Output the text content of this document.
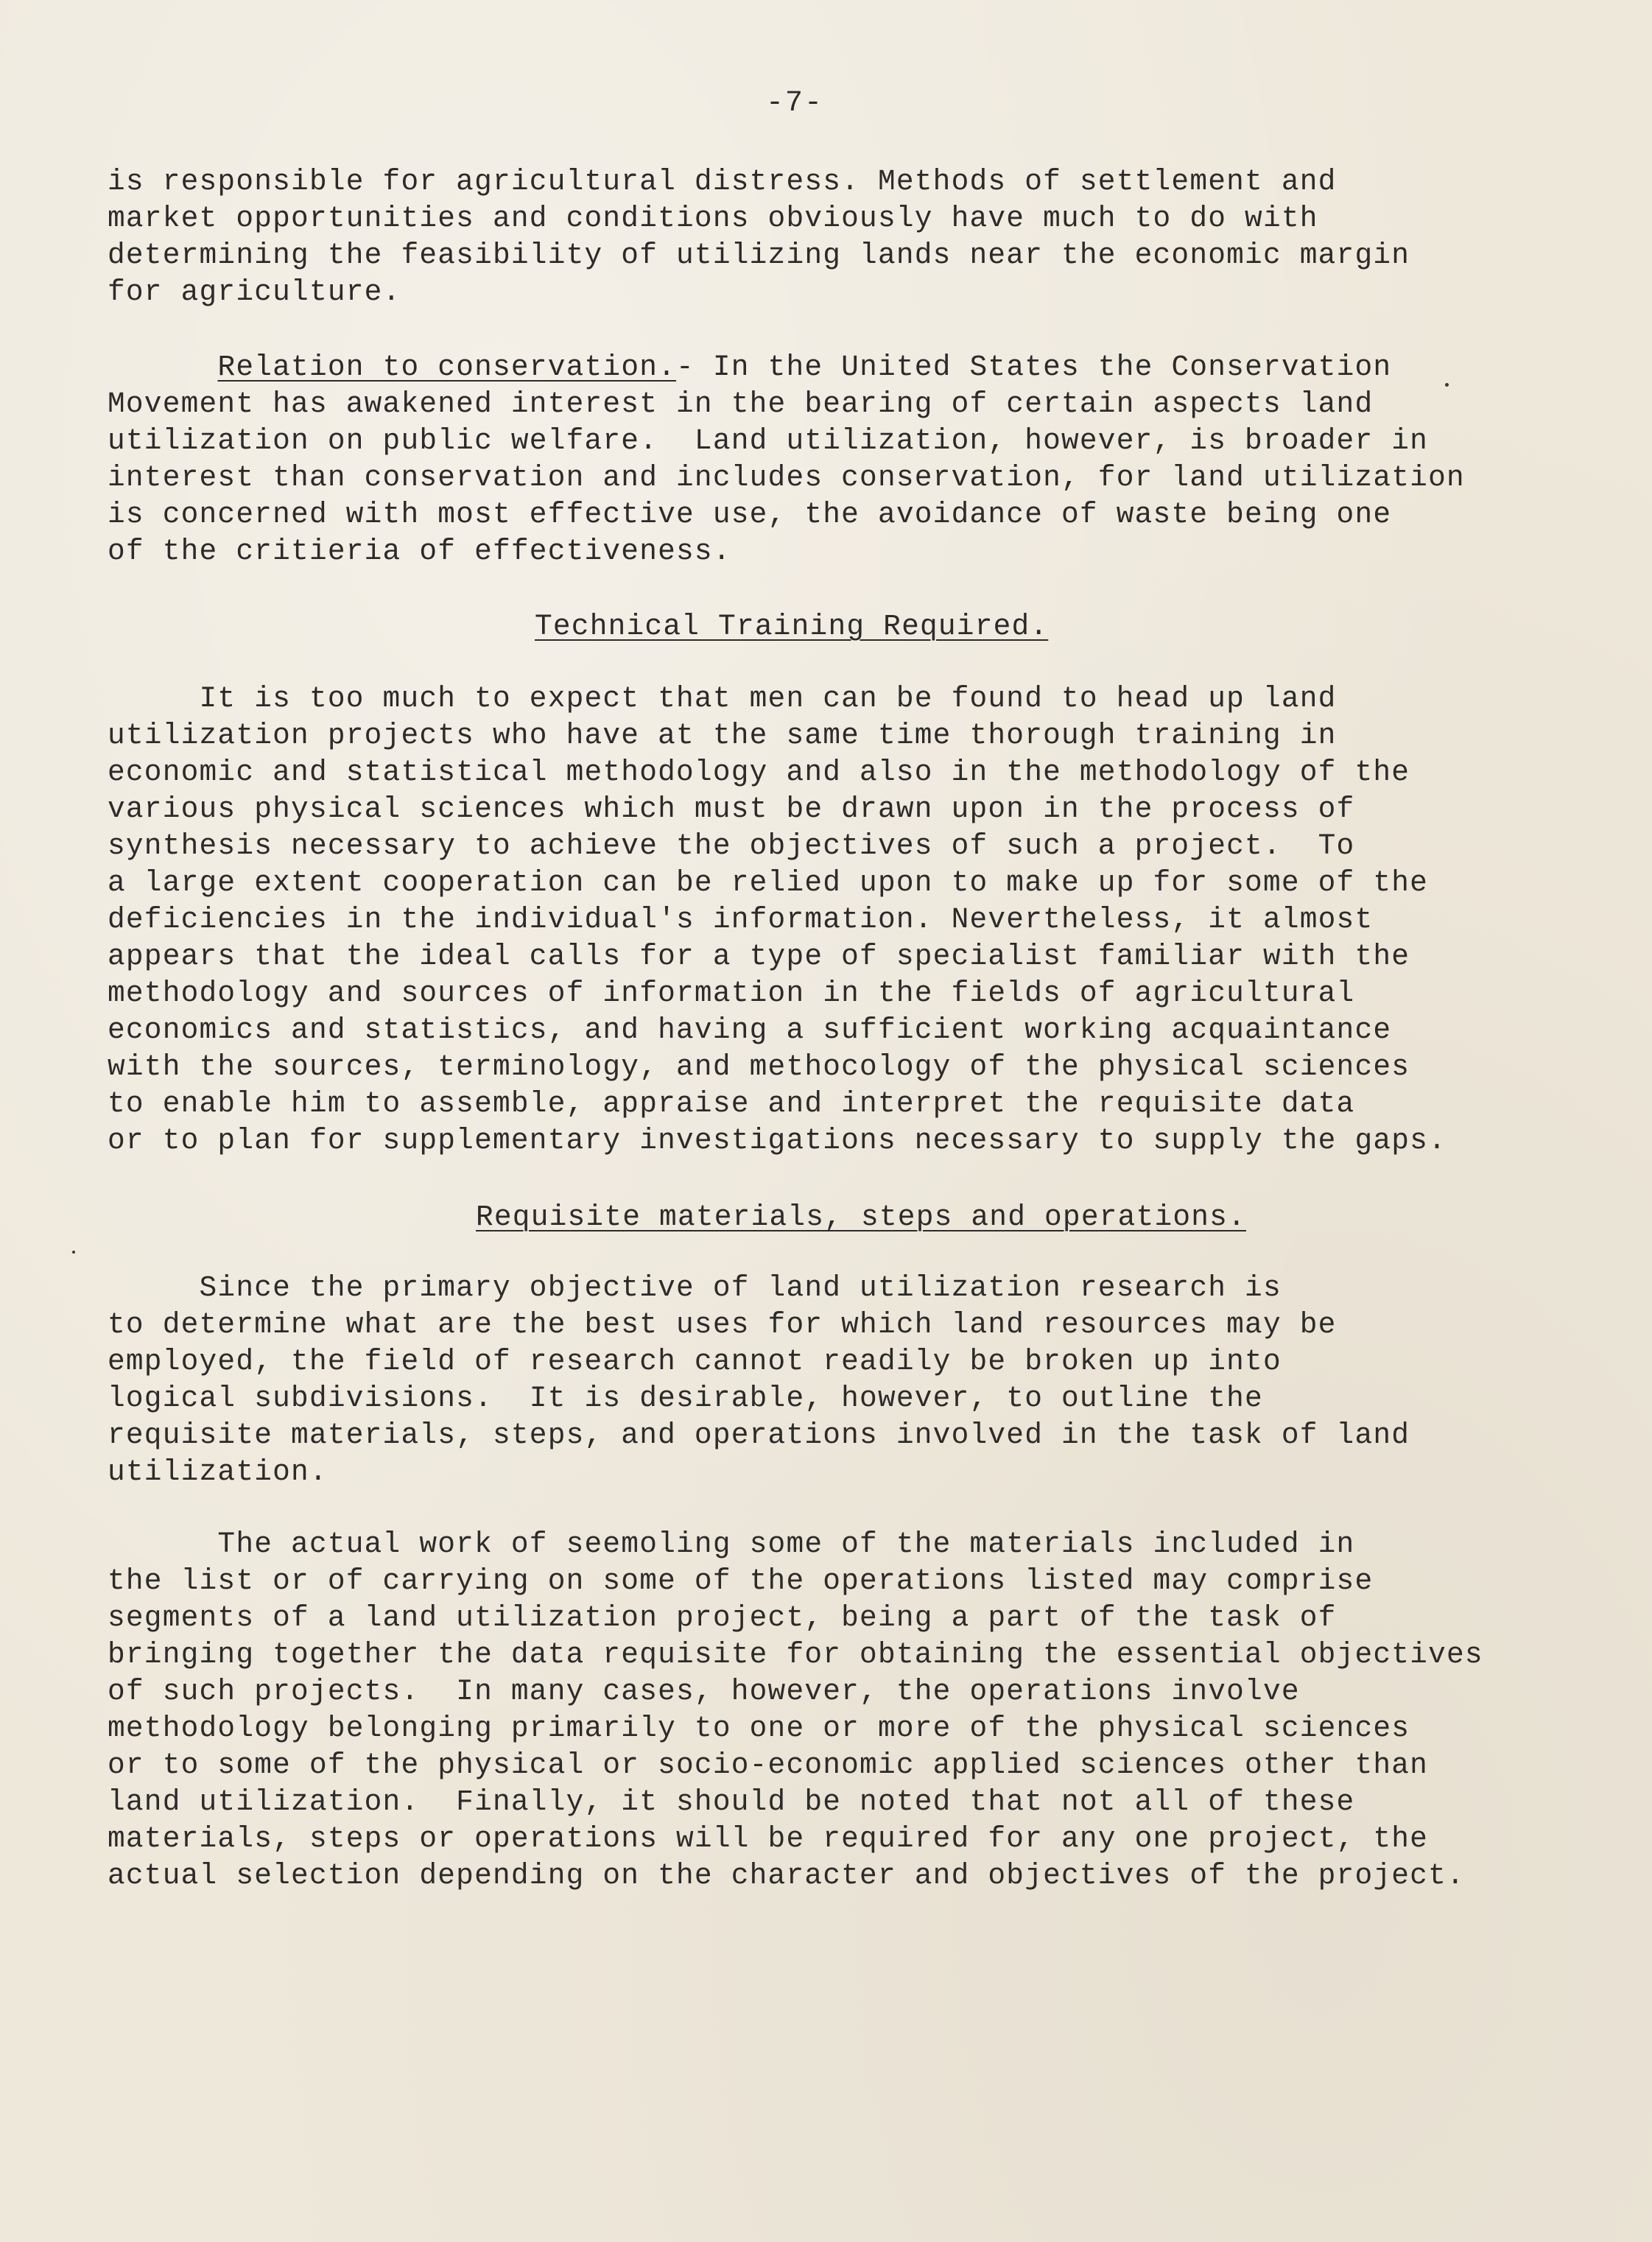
-7-
is responsible for agricultural distress. Methods of settlement and
market opportunities and conditions obviously have much to do with
determining the feasibility of utilizing lands near the economic margin
for agriculture.
Relation to conservation.- In the United States the Conservation
Movement has awakened interest in the bearing of certain aspects land
utilization on public welfare.  Land utilization, however, is broader in
interest than conservation and includes conservation, for land utilization
is concerned with most effective use, the avoidance of waste being one
of the critieria of effectiveness.
Technical Training Required.
It is too much to expect that men can be found to head up land
utilization projects who have at the same time thorough training in
economic and statistical methodology and also in the methodology of the
various physical sciences which must be drawn upon in the process of
synthesis necessary to achieve the objectives of such a project.  To
a large extent cooperation can be relied upon to make up for some of the
deficiencies in the individual's information. Nevertheless, it almost
appears that the ideal calls for a type of specialist familiar with the
methodology and sources of information in the fields of agricultural
economics and statistics, and having a sufficient working acquaintance
with the sources, terminology, and methocology of the physical sciences
to enable him to assemble, appraise and interpret the requisite data
or to plan for supplementary investigations necessary to supply the gaps.
Requisite materials, steps and operations.
Since the primary objective of land utilization research is
to determine what are the best uses for which land resources may be
employed, the field of research cannot readily be broken up into
logical subdivisions.  It is desirable, however, to outline the
requisite materials, steps, and operations involved in the task of land
utilization.
The actual work of seemoling some of the materials included in
the list or of carrying on some of the operations listed may comprise
segments of a land utilization project, being a part of the task of
bringing together the data requisite for obtaining the essential objectives
of such projects.  In many cases, however, the operations involve
methodology belonging primarily to one or more of the physical sciences
or to some of the physical or socio-economic applied sciences other than
land utilization.  Finally, it should be noted that not all of these
materials, steps or operations will be required for any one project, the
actual selection depending on the character and objectives of the project.
